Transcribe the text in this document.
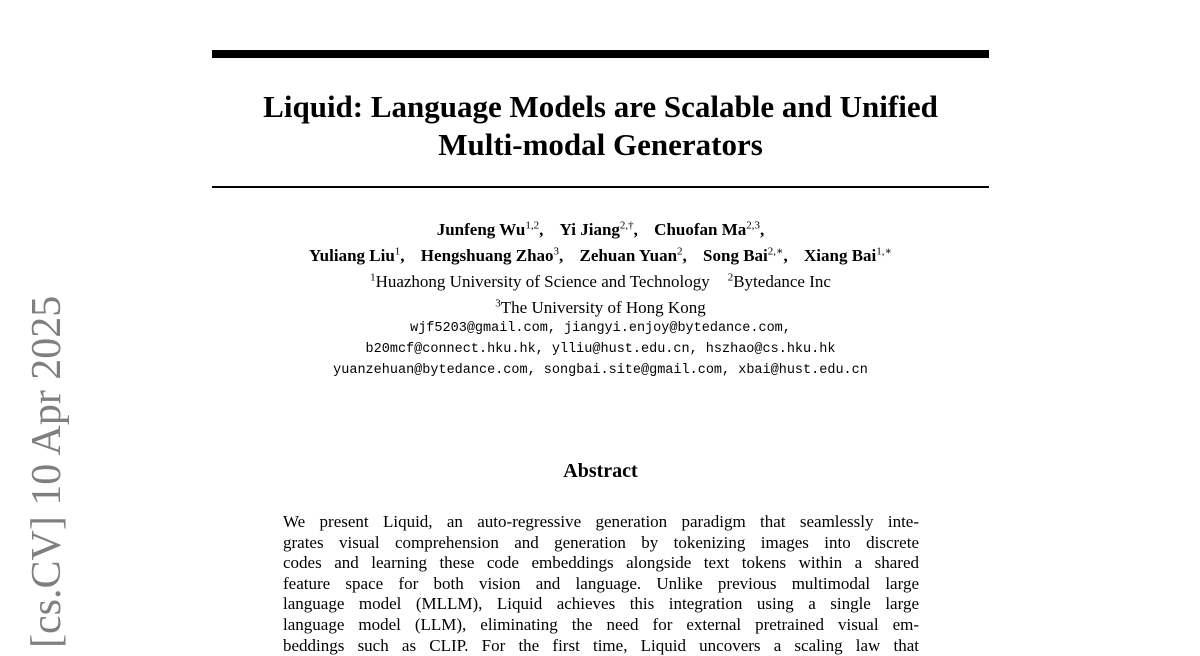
[cs.CV] 10 Apr 2025
Liquid: Language Models are Scalable and Unified
Multi-modal Generators
Junfeng Wu$^{1,2}$, Yi Jiang$^{2,\dagger}$, Chuofan Ma$^{2,3}$,
Yuliang Liu$^1$, Hengshuang Zhao$^3$, Zehuan Yuan$^2$, Song Bai$^{2,∗}$, Xiang Bai$^{1,∗}$
$^1$Huazhong University of Science and Technology $^2$Bytedance Inc
$^3$The University of Hong Kong
wjf5203@gmail.com, jiangyi.enjoy@bytedance.com,
b20mcf@connect.hku.hk, ylliu@hust.edu.cn, hszhao@cs.hku.hk
yuanzehuan@bytedance.com, songbai.site@gmail.com, xbai@hust.edu.cn
Abstract
We present Liquid, an auto-regressive generation paradigm that seamlessly inte-
grates visual comprehension and generation by tokenizing images into discrete
codes and learning these code embeddings alongside text tokens within a shared
feature space for both vision and language. Unlike previous multimodal large
language model (MLLM), Liquid achieves this integration using a single large
language model (LLM), eliminating the need for external pretrained visual em-
beddings such as CLIP. For the first time, Liquid uncovers a scaling law that
